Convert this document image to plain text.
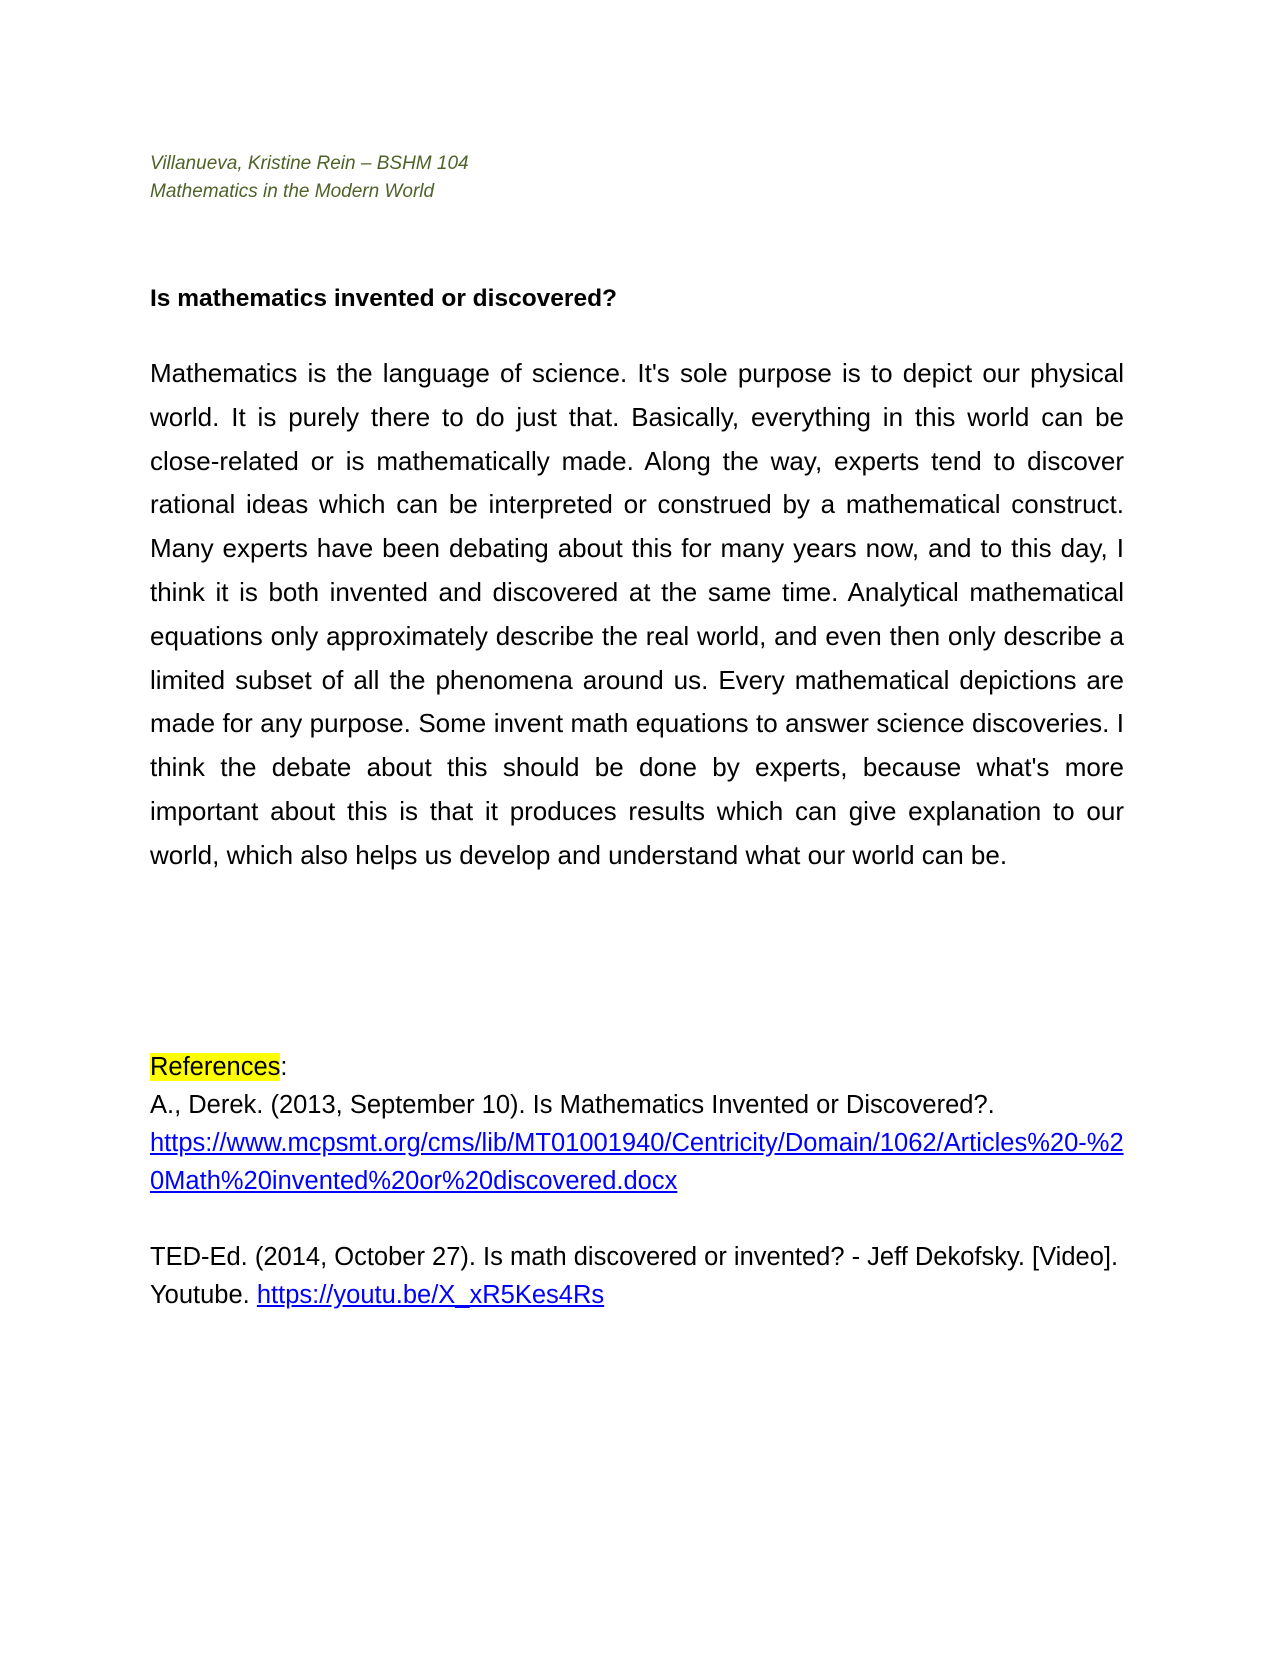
Villanueva, Kristine Rein – BSHM 104
Mathematics in the Modern World
Is mathematics invented or discovered?
Mathematics is the language of science. It's sole purpose is to depict our physical world. It is purely there to do just that. Basically, everything in this world can be close-related or is mathematically made. Along the way, experts tend to discover rational ideas which can be interpreted or construed by a mathematical construct. Many experts have been debating about this for many years now, and to this day, I think it is both invented and discovered at the same time. Analytical mathematical equations only approximately describe the real world, and even then only describe a limited subset of all the phenomena around us. Every mathematical depictions are made for any purpose. Some invent math equations to answer science discoveries. I think the debate about this should be done by experts, because what's more important about this is that it produces results which can give explanation to our world, which also helps us develop and understand what our world can be.
References:
A., Derek. (2013, September 10). Is Mathematics Invented or Discovered?.
https://www.mcpsmt.org/cms/lib/MT01001940/Centricity/Domain/1062/Articles%20-%20Math%20invented%20or%20discovered.docx
TED-Ed. (2014, October 27). Is math discovered or invented? - Jeff Dekofsky. [Video]. Youtube. https://youtu.be/X_xR5Kes4Rs
